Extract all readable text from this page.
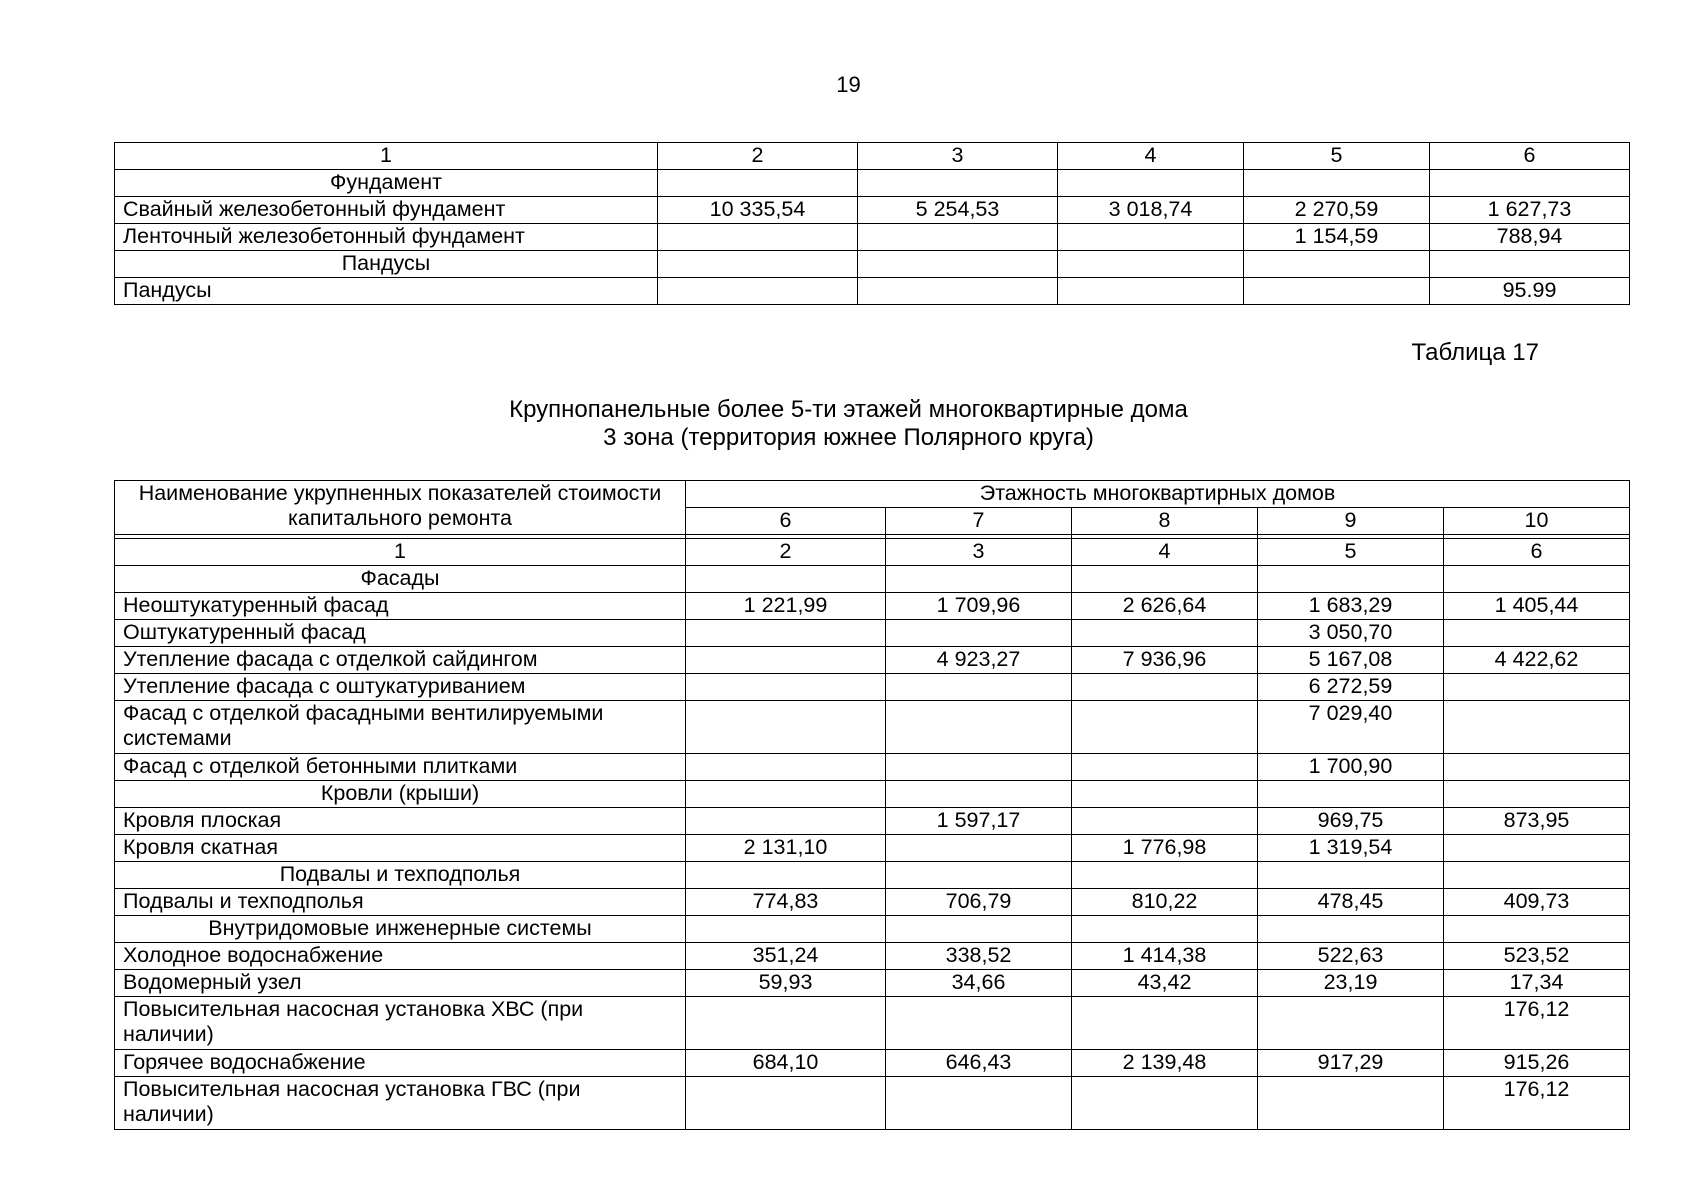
19
1	2	3	4	5	6
Фундамент					
Свайный железобетонный фундамент	10 335,54	5 254,53	3 018,74	2 270,59	1 627,73
Ленточный железобетонный фундамент				1 154,59	788,94
Пандусы					
Пандусы					95.99
Таблица 17
Крупнопанельные более 5-ти этажей многоквартирные дома
3 зона (территория южнее Полярного круга)
Наименование укрупненных показателей стоимости капитального ремонта	Этажность многоквартирных домов				
	6	7	8	9	10

1	2	3	4	5	6
Фасады					
Неоштукатуренный фасад	1 221,99	1 709,96	2 626,64	1 683,29	1 405,44
Оштукатуренный фасад				3 050,70	
Утепление фасада с отделкой сайдингом		4 923,27	7 936,96	5 167,08	4 422,62
Утепление фасада с оштукатуриванием				6 272,59	
Фасад с отделкой фасадными вентилируемыми системами				7 029,40	
Фасад с отделкой бетонными плитками				1 700,90	
Кровли (крыши)					
Кровля плоская		1 597,17		969,75	873,95
Кровля скатная	2 131,10		1 776,98	1 319,54	
Подвалы и техподполья					
Подвалы и техподполья	774,83	706,79	810,22	478,45	409,73
Внутридомовые инженерные системы					
Холодное водоснабжение	351,24	338,52	1 414,38	522,63	523,52
Водомерный узел	59,93	34,66	43,42	23,19	17,34
Повысительная насосная установка ХВС (при наличии)					176,12
Горячее водоснабжение	684,10	646,43	2 139,48	917,29	915,26
Повысительная насосная установка ГВС (при наличии)					176,12
